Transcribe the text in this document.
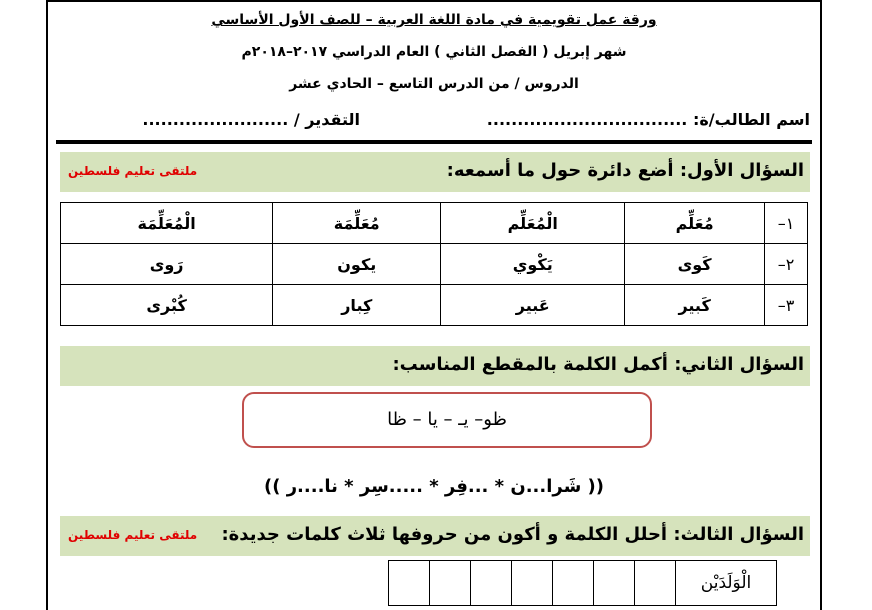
ورقة عمل تقويمية في مادة اللغة العربية – للصف الأول الأساسي
شهر إبريل ( الفصل الثاني ) العام الدراسي ٢٠١٧–٢٠١٨م
الدروس / من الدرس التاسع – الحادي عشر
اسم الطالب/ة: .................................
التقدير / ........................
السؤال الأول: أضع دائرة حول ما أسمعه:
ملتقى تعليم فلسطين
١–	مُعَلِّم	الْمُعَلِّم	مُعَلِّمَة	الْمُعَلِّمَة
٢–	كَوى	يَكْوي	يكون	رَوى
٣–	كَبير	عَبير	كِبار	كُبْرى
السؤال الثاني: أكمل الكلمة بالمقطع المناسب:
ظو– يـ – يا – ظا
(( شَرا...ن * ...فِر * .....سِر * نا....ر ))
السؤال الثالث: أحلل الكلمة و أكون من حروفها ثلاث كلمات جديدة:
ملتقى تعليم فلسطين
الْوَلَدَيْن							
